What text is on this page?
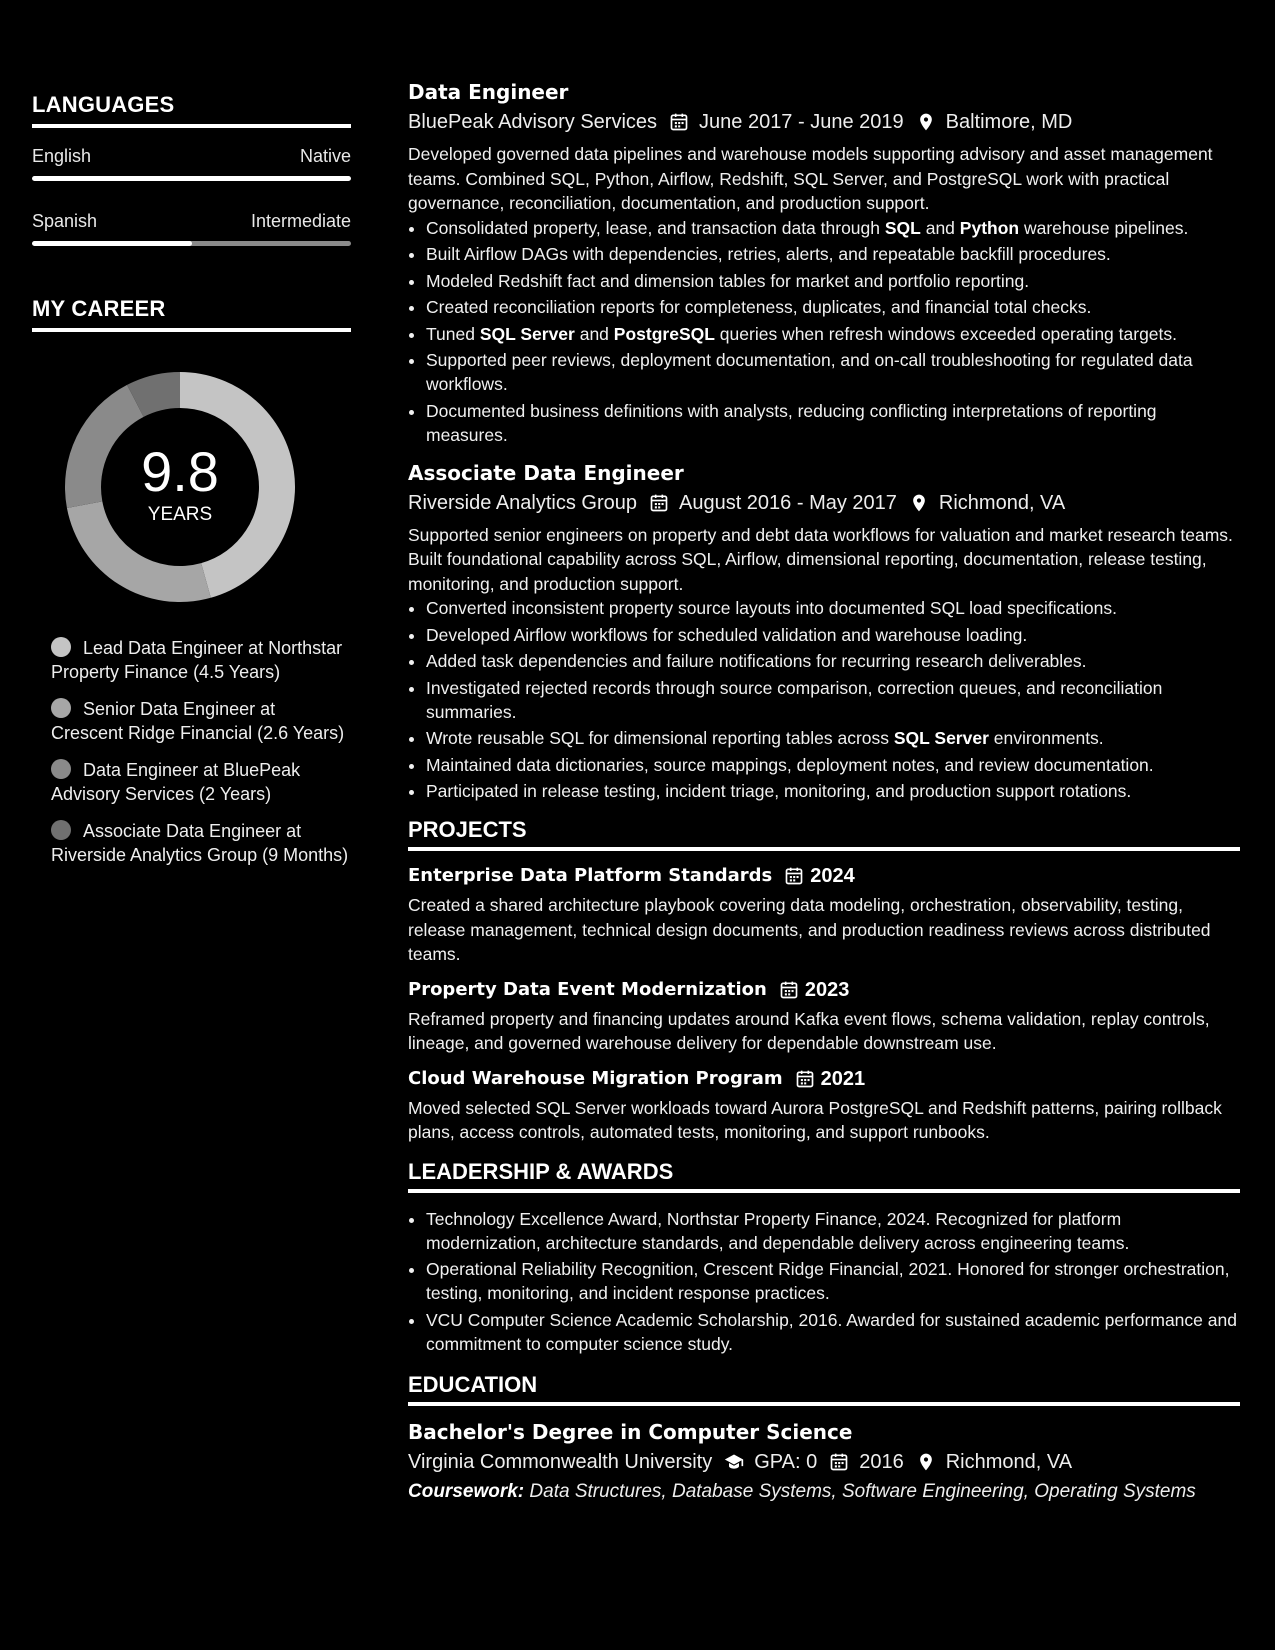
LANGUAGES
English	Native
Spanish	Intermediate
MY CAREER
9.8
YEARS
Lead Data Engineer at Northstar Property Finance (4.5 Years)
Senior Data Engineer at Crescent Ridge Financial (2.6 Years)
Data Engineer at BluePeak Advisory Services (2 Years)
Associate Data Engineer at Riverside Analytics Group (9 Months)
Data Engineer
BluePeak Advisory Services June 2017 - June 2019 Baltimore, MD
Developed governed data pipelines and warehouse models supporting advisory and asset management teams. Combined SQL, Python, Airflow, Redshift, SQL Server, and PostgreSQL work with practical governance, reconciliation, documentation, and production support.
• Consolidated property, lease, and transaction data through SQL and Python warehouse pipelines.
• Built Airflow DAGs with dependencies, retries, alerts, and repeatable backfill procedures.
• Modeled Redshift fact and dimension tables for market and portfolio reporting.
• Created reconciliation reports for completeness, duplicates, and financial total checks.
• Tuned SQL Server and PostgreSQL queries when refresh windows exceeded operating targets.
• Supported peer reviews, deployment documentation, and on-call troubleshooting for regulated data workflows.
• Documented business definitions with analysts, reducing conflicting interpretations of reporting measures.
Associate Data Engineer
Riverside Analytics Group August 2016 - May 2017 Richmond, VA
Supported senior engineers on property and debt data workflows for valuation and market research teams. Built foundational capability across SQL, Airflow, dimensional reporting, documentation, release testing, monitoring, and production support.
• Converted inconsistent property source layouts into documented SQL load specifications.
• Developed Airflow workflows for scheduled validation and warehouse loading.
• Added task dependencies and failure notifications for recurring research deliverables.
• Investigated rejected records through source comparison, correction queues, and reconciliation summaries.
• Wrote reusable SQL for dimensional reporting tables across SQL Server environments.
• Maintained data dictionaries, source mappings, deployment notes, and review documentation.
• Participated in release testing, incident triage, monitoring, and production support rotations.
PROJECTS
Enterprise Data Platform Standards 2024
Created a shared architecture playbook covering data modeling, orchestration, observability, testing, release management, technical design documents, and production readiness reviews across distributed teams.
Property Data Event Modernization 2023
Reframed property and financing updates around Kafka event flows, schema validation, replay controls, lineage, and governed warehouse delivery for dependable downstream use.
Cloud Warehouse Migration Program 2021
Moved selected SQL Server workloads toward Aurora PostgreSQL and Redshift patterns, pairing rollback plans, access controls, automated tests, monitoring, and support runbooks.
LEADERSHIP & AWARDS
• Technology Excellence Award, Northstar Property Finance, 2024. Recognized for platform modernization, architecture standards, and dependable delivery across engineering teams.
• Operational Reliability Recognition, Crescent Ridge Financial, 2021. Honored for stronger orchestration, testing, monitoring, and incident response practices.
• VCU Computer Science Academic Scholarship, 2016. Awarded for sustained academic performance and commitment to computer science study.
EDUCATION
Bachelor's Degree in Computer Science
Virginia Commonwealth University GPA: 0 2016 Richmond, VA
Coursework: Data Structures, Database Systems, Software Engineering, Operating Systems
